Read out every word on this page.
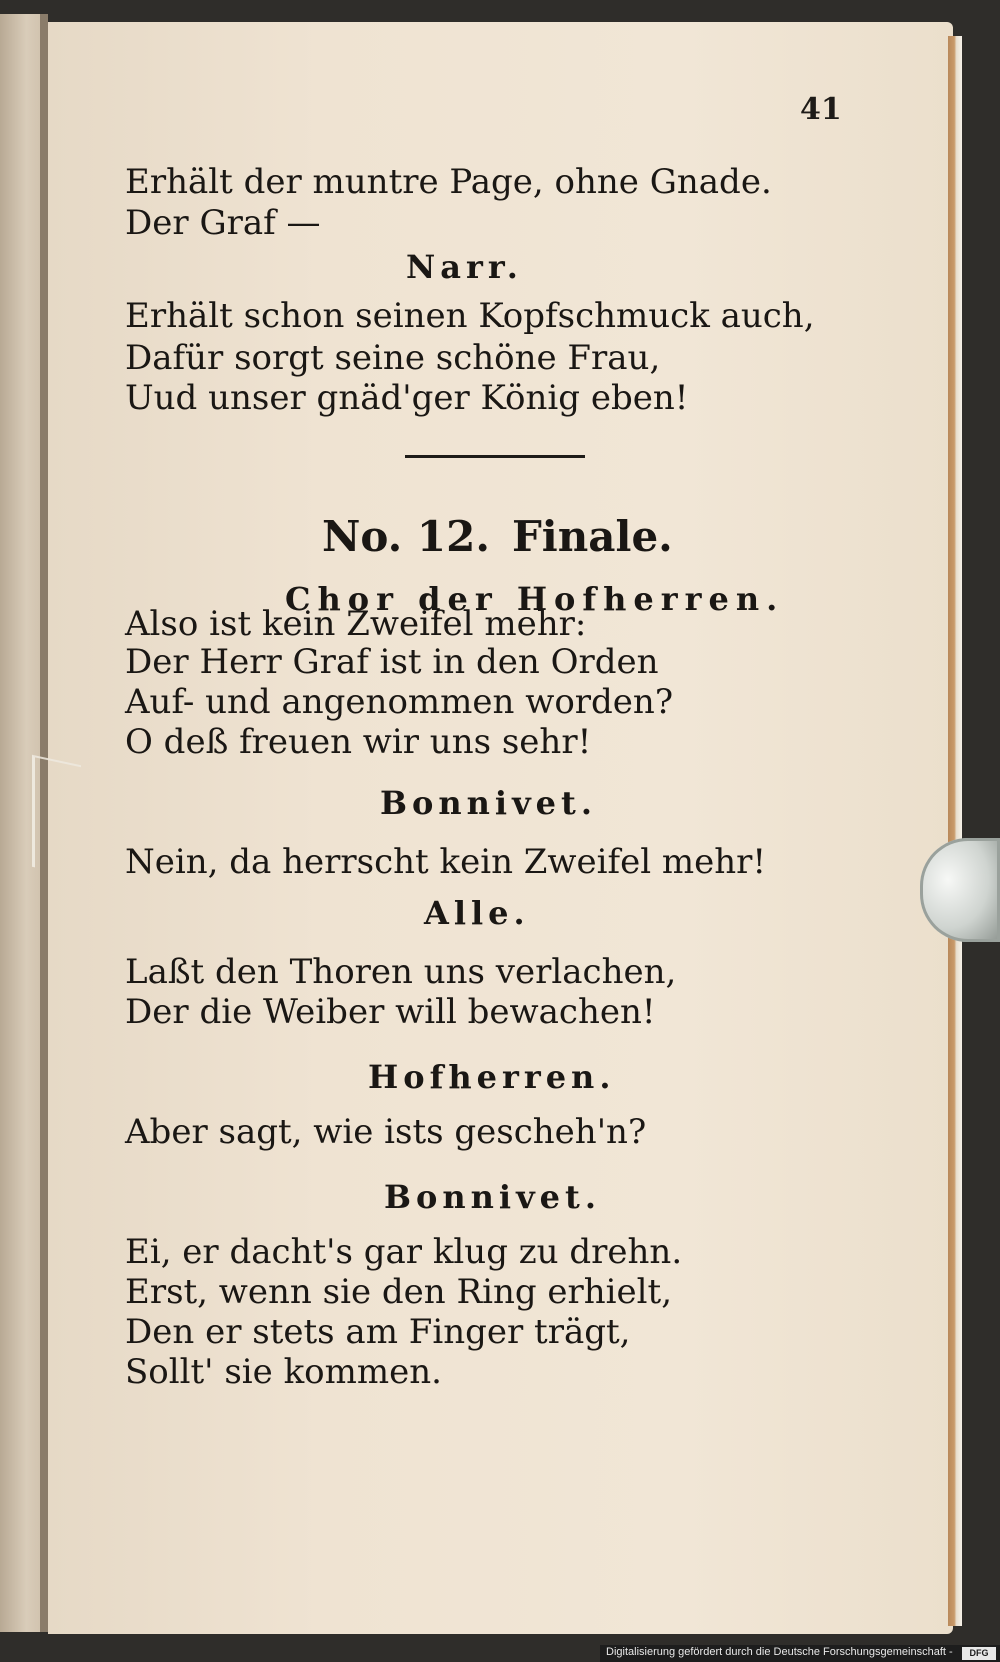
41
Erhält der muntre Page, ohne Gnade.
Der Graf —
Narr.
Erhält schon seinen Kopfschmuck auch,
Dafür sorgt seine schöne Frau,
Uud unser gnäd'ger König eben!
No. 12. Finale.
Chor der Hofherren.
Also ist kein Zweifel mehr:
Der Herr Graf ist in den Orden
Auf- und angenommen worden?
O deß freuen wir uns sehr!
Bonnivet.
Nein, da herrscht kein Zweifel mehr!
Alle.
Laßt den Thoren uns verlachen,
Der die Weiber will bewachen!
Hofherren.
Aber sagt, wie ists gescheh'n?
Bonnivet.
Ei, er dacht's gar klug zu drehn.
Erst, wenn sie den Ring erhielt,
Den er stets am Finger trägt,
Sollt' sie kommen.
Digitalisierung gefördert durch die Deutsche Forschungsgemeinschaft -	DFG
